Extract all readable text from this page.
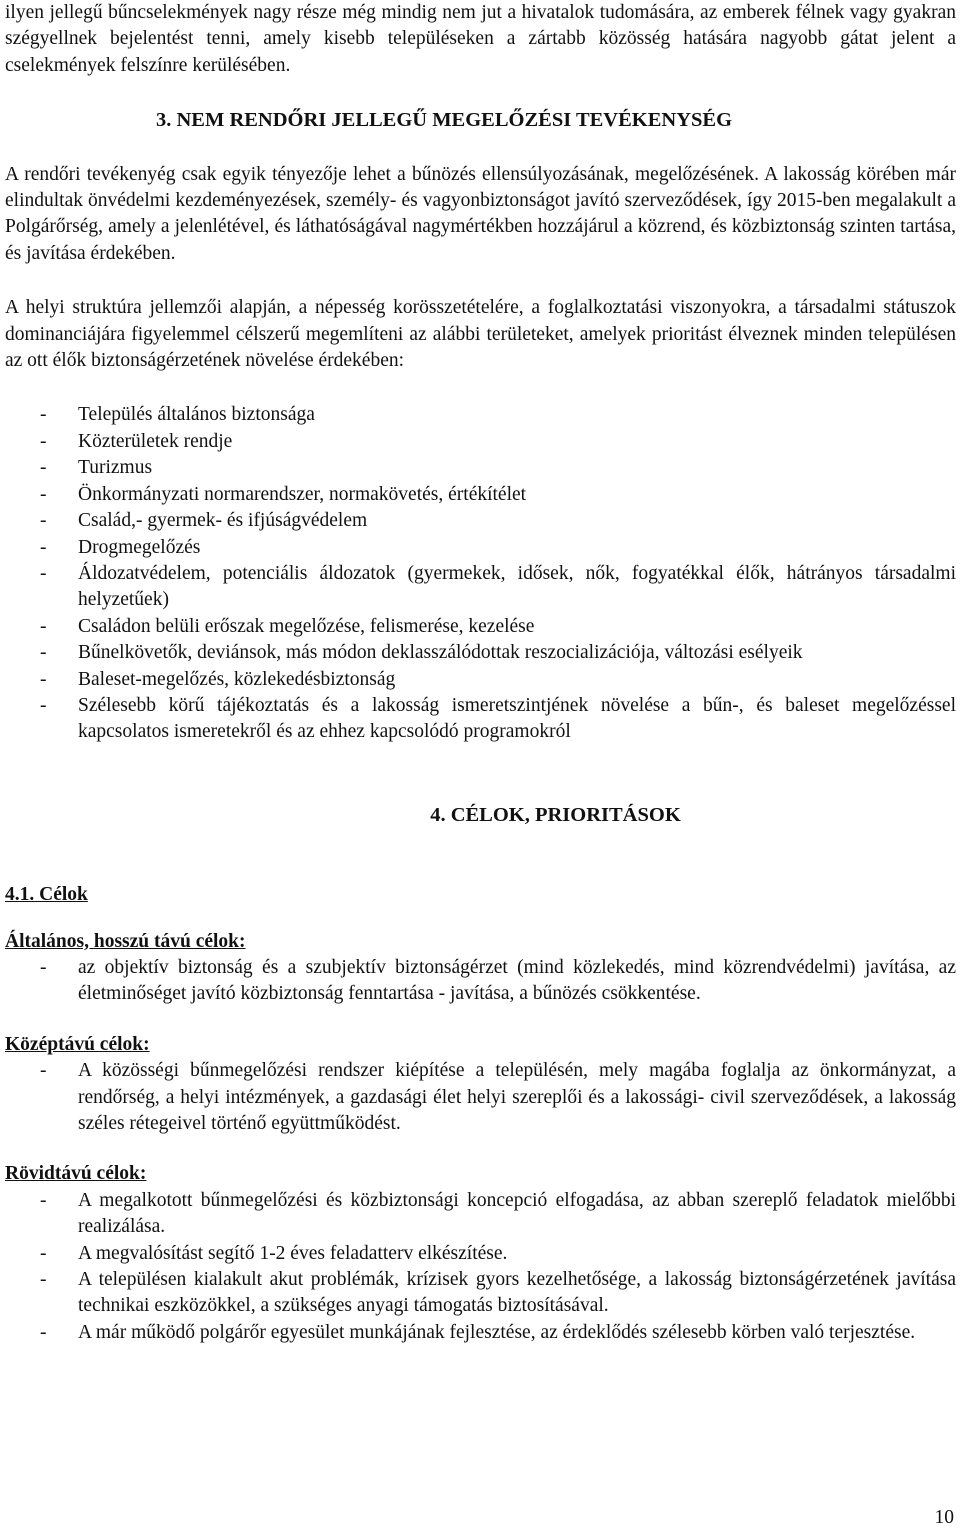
ilyen jellegű bűncselekmények nagy része még mindig nem jut a hivatalok tudomására, az emberek félnek vagy gyakran szégyellnek bejelentést tenni, amely kisebb településeken a zártabb közösség hatására nagyobb gátat jelent a cselekmények felszínre kerülésében.

3. NEM RENDŐRI JELLEGŰ MEGELŐZÉSI TEVÉKENYSÉG

A rendőri tevékenyég csak egyik tényezője lehet a bűnözés ellensúlyozásának, megelőzésének. A lakosság körében már elindultak önvédelmi kezdeményezések, személy- és vagyonbiztonságot javító szerveződések, így 2015-ben megalakult a Polgárőrség, amely a jelenlétével, és láthatóságával nagymértékben hozzájárul a közrend, és közbiztonság szinten tartása, és javítása érdekében.

A helyi struktúra jellemzői alapján, a népesség korösszetételére, a foglalkoztatási viszonyokra, a társadalmi státuszok dominanciájára figyelemmel célszerű megemlíteni az alábbi területeket, amelyek prioritást élveznek minden településen az ott élők biztonságérzetének növelése érdekében:

- Település általános biztonsága
- Közterületek rendje
- Turizmus
- Önkormányzati normarendszer, normakövetés, értékítélet
- Család,- gyermek- és ifjúságvédelem
- Drogmegelőzés
- Áldozatvédelem, potenciális áldozatok (gyermekek, idősek, nők, fogyatékkal élők, hátrányos társadalmi helyzetűek)
- Családon belüli erőszak megelőzése, felismerése, kezelése
- Bűnelkövetők, deviánsok, más módon deklasszálódottak reszocializációja, változási esélyeik
- Baleset-megelőzés, közlekedésbiztonság
- Szélesebb körű tájékoztatás és a lakosság ismeretszintjének növelése a bűn-, és baleset megelőzéssel kapcsolatos ismeretekről és az ehhez kapcsolódó programokról

4. CÉLOK, PRIORITÁSOK

4.1. Célok

Általános, hosszú távú célok:

- az objektív biztonság és a szubjektív biztonságérzet (mind közlekedés, mind közrendvédelmi) javítása, az életminőséget javító közbiztonság fenntartása - javítása, a bűnözés csökkentése.

Középtávú célok:

- A közösségi bűnmegelőzési rendszer kiépítése a településén, mely magába foglalja az önkormányzat, a rendőrség, a helyi intézmények, a gazdasági élet helyi szereplői és a lakossági- civil szerveződések, a lakosság széles rétegeivel történő együttműködést.

Rövidtávú célok:

- A megalkotott bűnmegelőzési és közbiztonsági koncepció elfogadása, az abban szereplő feladatok mielőbbi realizálása.
- A megvalósítást segítő 1-2 éves feladatterv elkészítése.
- A településen kialakult akut problémák, krízisek gyors kezelhetősége, a lakosság biztonságérzetének javítása technikai eszközökkel, a szükséges anyagi támogatás biztosításával.
- A már működő polgárőr egyesület munkájának fejlesztése, az érdeklődés szélesebb körben való terjesztése.
10
